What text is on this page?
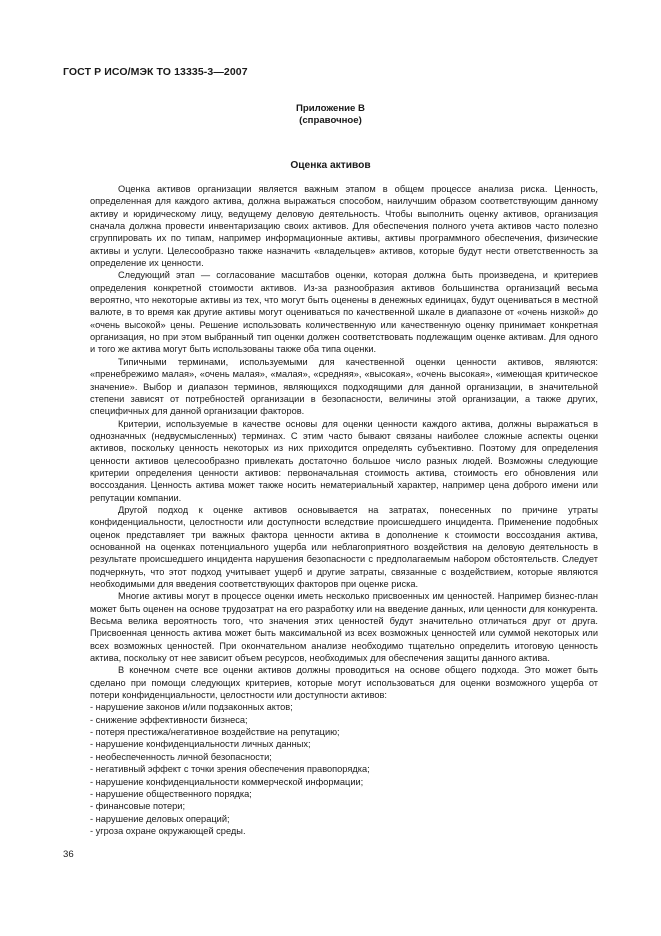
ГОСТ Р ИСО/МЭК ТО 13335-3—2007
Приложение В
(справочное)
Оценка активов

Оценка активов организации является важным этапом в общем процессе анализа риска. Ценность, определенная для каждого актива, должна выражаться способом, наилучшим образом соответствующим данному активу и юридическому лицу, ведущему деловую деятельность. Чтобы выполнить оценку активов, организация сначала должна провести инвентаризацию своих активов. Для обеспечения полного учета активов часто полезно сгруппировать их по типам, например информационные активы, активы программного обеспечения, физические активы и услуги. Целесообразно также назначить «владельцев» активов, которые будут нести ответственность за определение их ценности.

Следующий этап — согласование масштабов оценки, которая должна быть произведена, и критериев определения конкретной стоимости активов. Из-за разнообразия активов большинства организаций весьма вероятно, что некоторые активы из тех, что могут быть оценены в денежных единицах, будут оцениваться в местной валюте, в то время как другие активы могут оцениваться по качественной шкале в диапазоне от «очень низкой» до «очень высокой» цены. Решение использовать количественную или качественную оценку принимает конкретная организация, но при этом выбранный тип оценки должен соответствовать подлежащим оценке активам. Для одного и того же актива могут быть использованы также оба типа оценки.

Типичными терминами, используемыми для качественной оценки ценности активов, являются: «пренебрежимо малая», «очень малая», «малая», «средняя», «высокая», «очень высокая», «имеющая критическое значение». Выбор и диапазон терминов, являющихся подходящими для данной организации, в значительной степени зависят от потребностей организации в безопасности, величины этой организации, а также других, специфичных для данной организации факторов.

Критерии, используемые в качестве основы для оценки ценности каждого актива, должны выражаться в однозначных (недвусмысленных) терминах. С этим часто бывают связаны наиболее сложные аспекты оценки активов, поскольку ценность некоторых из них приходится определять субъективно. Поэтому для определения ценности активов целесообразно привлекать достаточно большое число разных людей. Возможны следующие критерии определения ценности активов: первоначальная стоимость актива, стоимость его обновления или воссоздания. Ценность актива может также носить нематериальный характер, например цена доброго имени или репутации компании.

Другой подход к оценке активов основывается на затратах, понесенных по причине утраты конфиденциальности, целостности или доступности вследствие происшедшего инцидента. Применение подобных оценок представляет три важных фактора ценности актива в дополнение к стоимости воссоздания актива, основанной на оценках потенциального ущерба или неблагоприятного воздействия на деловую деятельность в результате происшедшего инцидента нарушения безопасности с предполагаемым набором обстоятельств. Следует подчеркнуть, что этот подход учитывает ущерб и другие затраты, связанные с воздействием, которые являются необходимыми для введения соответствующих факторов при оценке риска.

Многие активы могут в процессе оценки иметь несколько присвоенных им ценностей. Например бизнес-план может быть оценен на основе трудозатрат на его разработку или на введение данных, или ценности для конкурента. Весьма велика вероятность того, что значения этих ценностей будут значительно отличаться друг от друга. Присвоенная ценность актива может быть максимальной из всех возможных ценностей или суммой некоторых или всех возможных ценностей. При окончательном анализе необходимо тщательно определить итоговую ценность актива, поскольку от нее зависит объем ресурсов, необходимых для обеспечения защиты данного актива.

В конечном счете все оценки активов должны проводиться на основе общего подхода. Это может быть сделано при помощи следующих критериев, которые могут использоваться для оценки возможного ущерба от потери конфиденциальности, целостности или доступности активов:

- нарушение законов и/или подзаконных актов;
- снижение эффективности бизнеса;
- потеря престижа/негативное воздействие на репутацию;
- нарушение конфиденциальности личных данных;
- необеспеченность личной безопасности;
- негативный эффект с точки зрения обеспечения правопорядка;
- нарушение конфиденциальности коммерческой информации;
- нарушение общественного порядка;
- финансовые потери;
- нарушение деловых операций;
- угроза охране окружающей среды.
36
